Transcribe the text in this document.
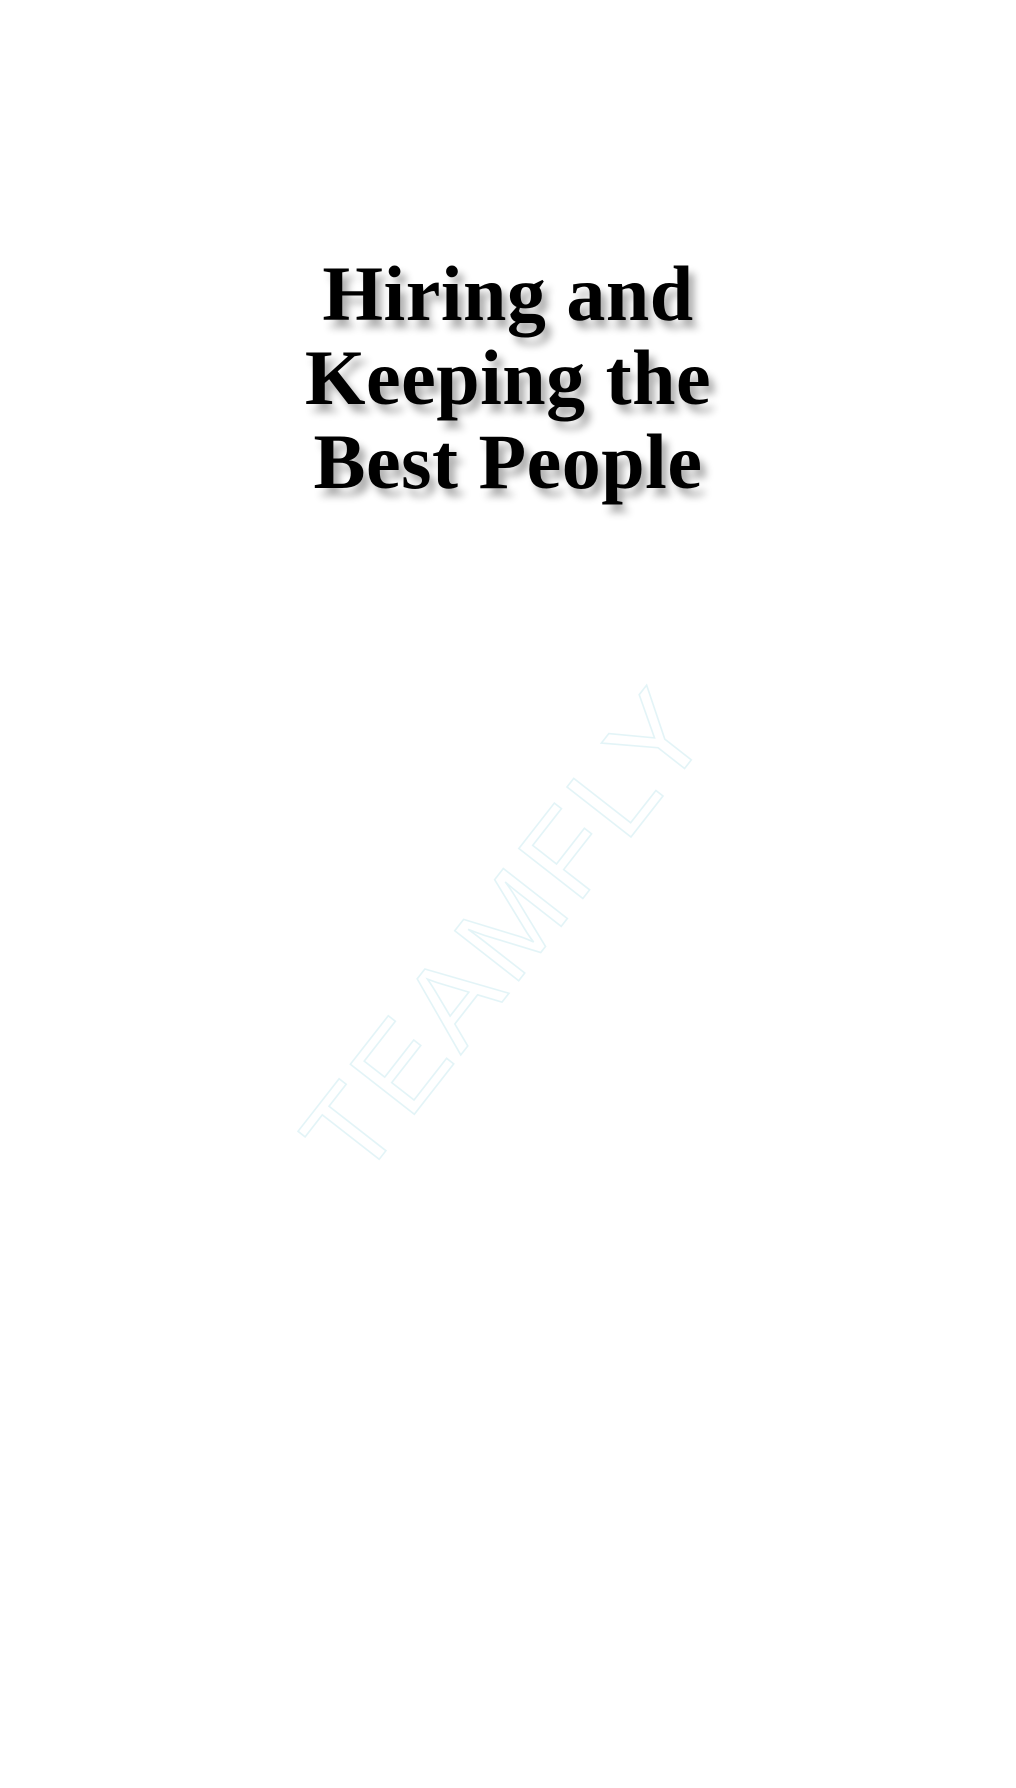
Hiring and
Keeping the
Best People
TEAMFLY
